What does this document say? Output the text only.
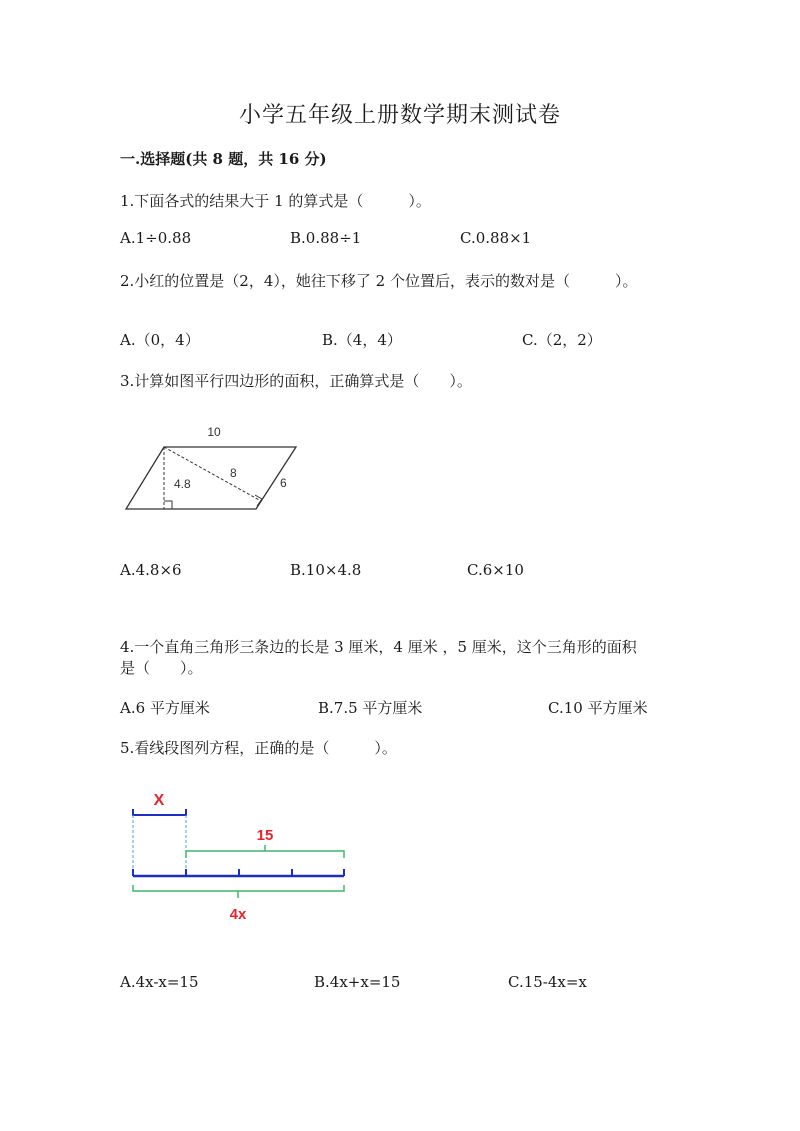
小学五年级上册数学期末测试卷
一.选择题(共 8 题，共 16 分)
1.下面各式的结果大于 1 的算式是（　　　）。
A.1÷0.88	B.0.88÷1	C.0.88×1
2.小红的位置是（2，4），她往下移了 2 个位置后，表示的数对是（　　　）。
A.（0，4）	B.（4，4）	C.（2，2）
3.计算如图平行四边形的面积，正确算式是（　　）。
10
8
4.8	6
A.4.8×6	B.10×4.8	C.6×10
4.一个直角三角形三条边的长是 3 厘米，4 厘米 ，5 厘米，这个三角形的面积
是（　　）。
A.6 平方厘米	B.7.5 平方厘米	C.10 平方厘米
5.看线段图列方程，正确的是（　　　）。
X
15
4x
A.4x-x=15	B.4x+x=15	C.15-4x=x
